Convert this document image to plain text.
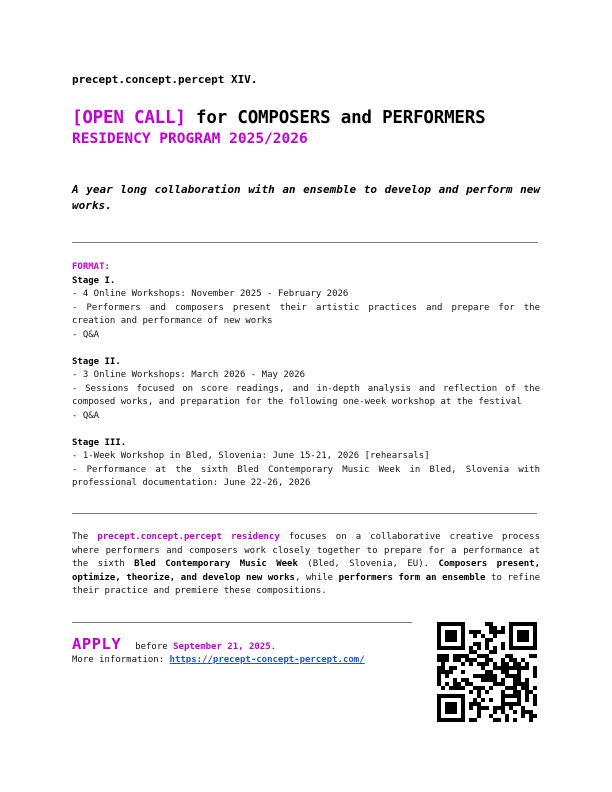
precept.concept.percept XIV.
[OPEN CALL] for COMPOSERS and PERFORMERS
RESIDENCY PROGRAM 2025/2026
A year long collaboration with an ensemble to develop and perform new works.
FORMAT:
Stage I.
- 4 Online Workshops: November 2025 - February 2026
- Performers and composers present their artistic practices and prepare for the creation and performance of new works
- Q&A
Stage II.
- 3 Online Workshops: March 2026 - May 2026
- Sessions focused on score readings, and in-depth analysis and reflection of the composed works, and preparation for the following one-week workshop at the festival
- Q&A
Stage III.
- 1-Week Workshop in Bled, Slovenia: June 15-21, 2026 [rehearsals]
- Performance at the sixth Bled Contemporary Music Week in Bled, Slovenia with professional documentation: June 22-26, 2026
The precept.concept.percept residency focuses on a collaborative creative process where performers and composers work closely together to prepare for a performance at the sixth Bled Contemporary Music Week (Bled, Slovenia, EU). Composers present, optimize, theorize, and develop new works, while performers form an ensemble to refine their practice and premiere these compositions.
APPLY before September 21, 2025.
More information: https://precept-concept-percept.com/
